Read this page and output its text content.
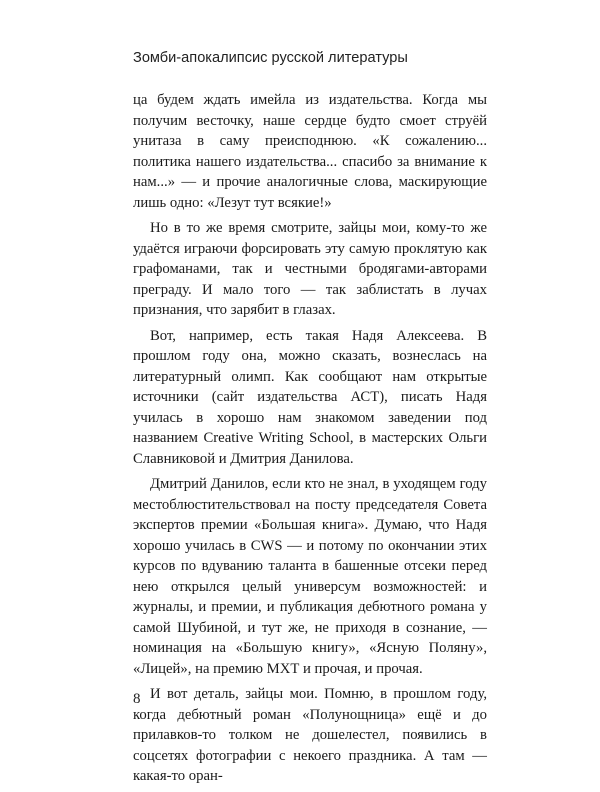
Зомби-апокалипсис русской литературы

ца будем ждать имейла из издательства. Когда мы получим весточку, наше сердце будто смоет струёй унитаза в саму преисподнюю. «К сожалению... политика нашего издательства... спасибо за внимание к нам...» — и прочие аналогичные слова, маскирующие лишь одно: «Лезут тут всякие!»

Но в то же время смотрите, зайцы мои, кому-то же удаётся играючи форсировать эту самую проклятую как графоманами, так и честными бродягами-авторами преграду. И мало того — так заблистать в лучах признания, что зарябит в глазах.

Вот, например, есть такая Надя Алексеева. В прошлом году она, можно сказать, вознеслась на литературный олимп. Как сообщают нам открытые источники (сайт издательства АСТ), писать Надя училась в хорошо нам знакомом заведении под названием Creative Writing School, в мастерских Ольги Славниковой и Дмитрия Данилова.

Дмитрий Данилов, если кто не знал, в уходящем году местоблюстительствовал на посту председателя Совета экспертов премии «Большая книга». Думаю, что Надя хорошо училась в CWS — и потому по окончании этих курсов по вдуванию таланта в башенные отсеки перед нею открылся целый универсум возможностей: и журналы, и премии, и публикация дебютного романа у самой Шубиной, и тут же, не приходя в сознание, — номинация на «Большую книгу», «Ясную Поляну», «Лицей», на премию МХТ и прочая, и прочая.

И вот деталь, зайцы мои. Помню, в прошлом году, когда дебютный роман «Полунощница» ещё и до прилавков-то толком не дошелестел, появились в соцсетях фотографии с некоего праздника. А там — какая-то оран-

8
